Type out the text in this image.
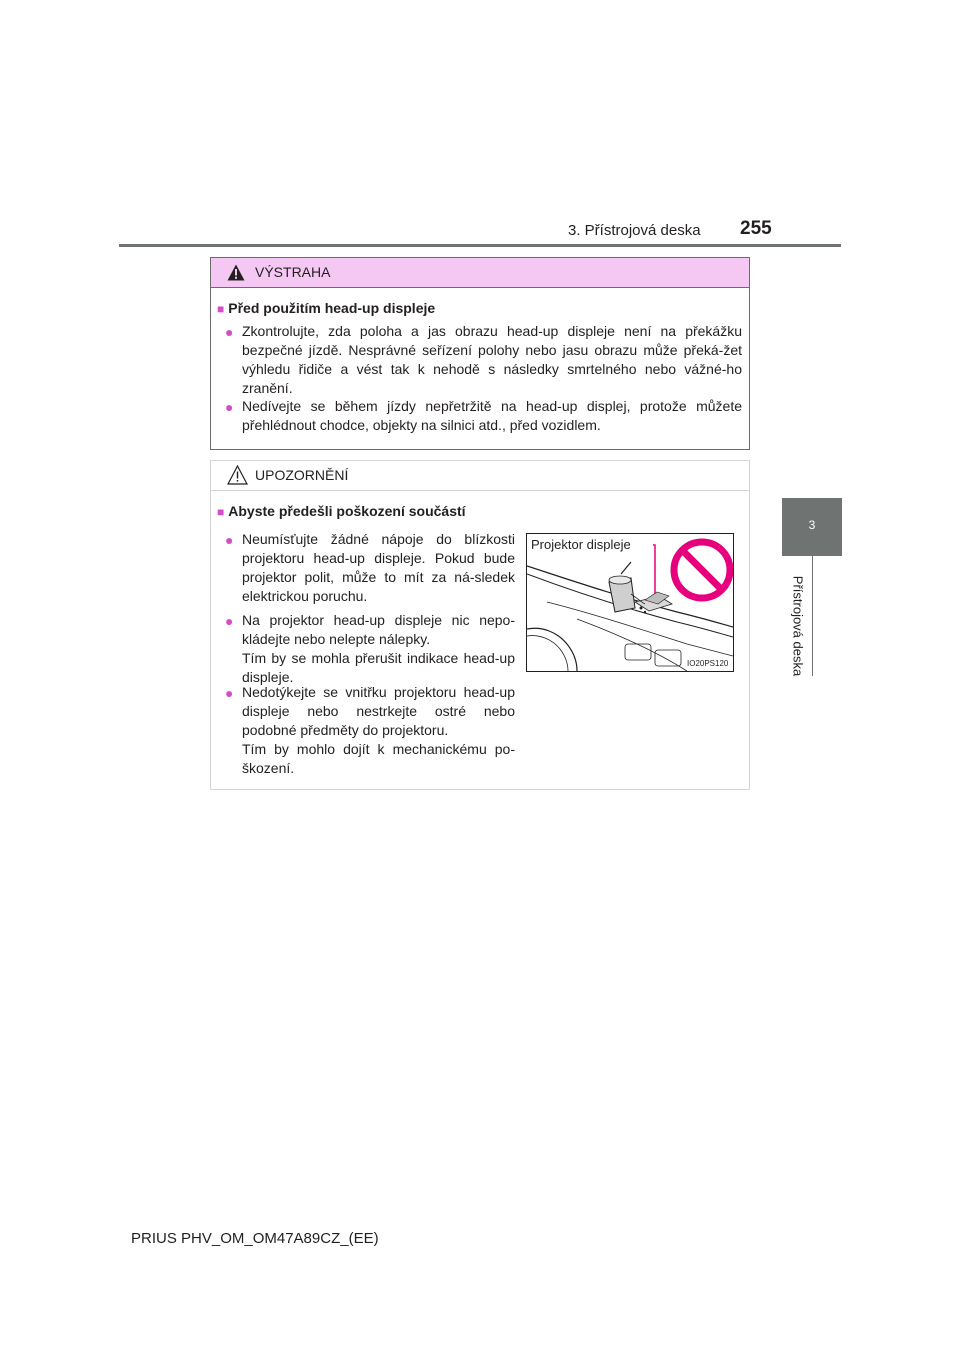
3. Přístrojová deska 255
3
Přístrojová deska
VÝSTRAHA
■ Před použitím head-up displeje
● Zkontrolujte, zda poloha a jas obrazu head-up displeje není na překážku bezpečné jízdě. Nesprávné seřízení polohy nebo jasu obrazu může překá-žet výhledu řidiče a vést tak k nehodě s následky smrtelného nebo vážné-ho zranění.
● Nedívejte se během jízdy nepřetržitě na head-up displej, protože můžete přehlédnout chodce, objekty na silnici atd., před vozidlem.
UPOZORNĚNÍ
■ Abyste předešli poškození součástí
● Neumísťujte žádné nápoje do blízkosti projektoru head-up displeje. Pokud bude projektor polit, může to mít za ná-sledek elektrickou poruchu.
● Na projektor head-up displeje nic nepo-kládejte nebo nelepte nálepky.
Tím by se mohla přerušit indikace head-up displeje.
● Nedotýkejte se vnitřku projektoru head-up displeje nebo nestrkejte ostré nebo podobné předměty do projektoru.
Tím by mohlo dojít k mechanickému po-škození.
Projektor displeje
IO20PS120
PRIUS PHV_OM_OM47A89CZ_(EE)
